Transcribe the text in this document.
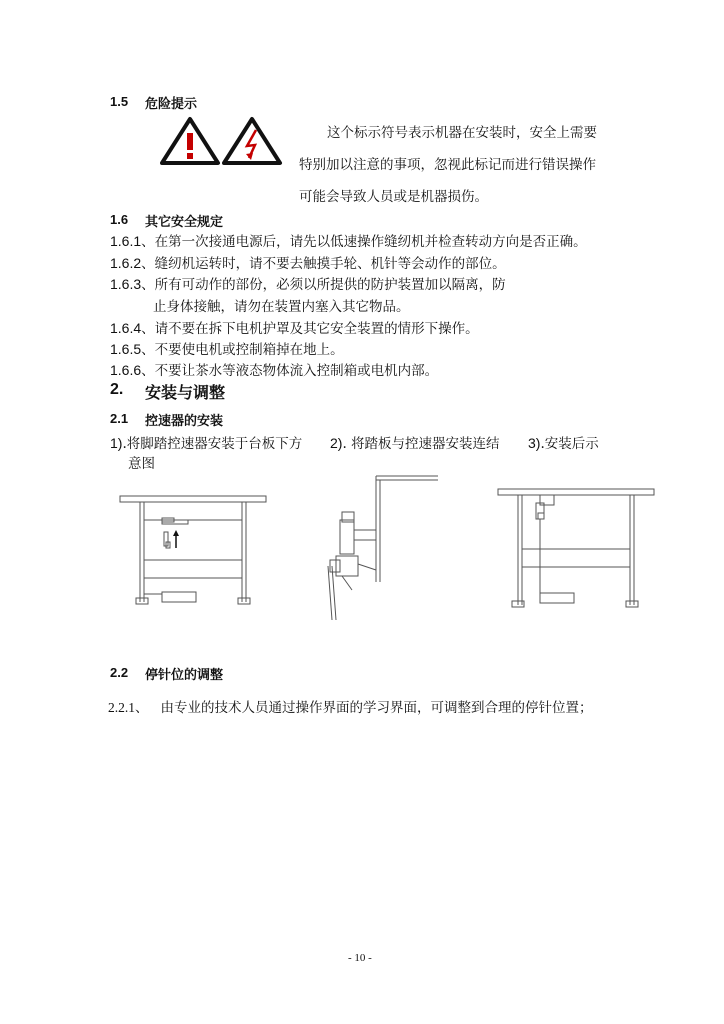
1.5 危险提示
这个标示符号表示机器在安装时，安全上需要
特别加以注意的事项，忽视此标记而进行错误操作
可能会导致人员或是机器损伤。
1.6 其它安全规定
1.6.1、在第一次接通电源后，请先以低速操作缝纫机并检查转动方向是否正确。
1.6.2、缝纫机运转时，请不要去触摸手轮、机针等会动作的部位。
1.6.3、所有可动作的部份，必须以所提供的防护装置加以隔离，防
止身体接触，请勿在装置内塞入其它物品。
1.6.4、请不要在拆下电机护罩及其它安全装置的情形下操作。
1.6.5、不要使电机或控制箱掉在地上。
1.6.6、不要让茶水等液态物体流入控制箱或电机内部。
2. 安装与调整
2.1 控速器的安装
1).将脚踏控速器安装于台板下方 2). 将踏板与控速器安装连结 3).安装后示
意图
2.2 停针位的调整
2.2.1、 由专业的技术人员通过操作界面的学习界面，可调整到合理的停针位置；
- 10 -
